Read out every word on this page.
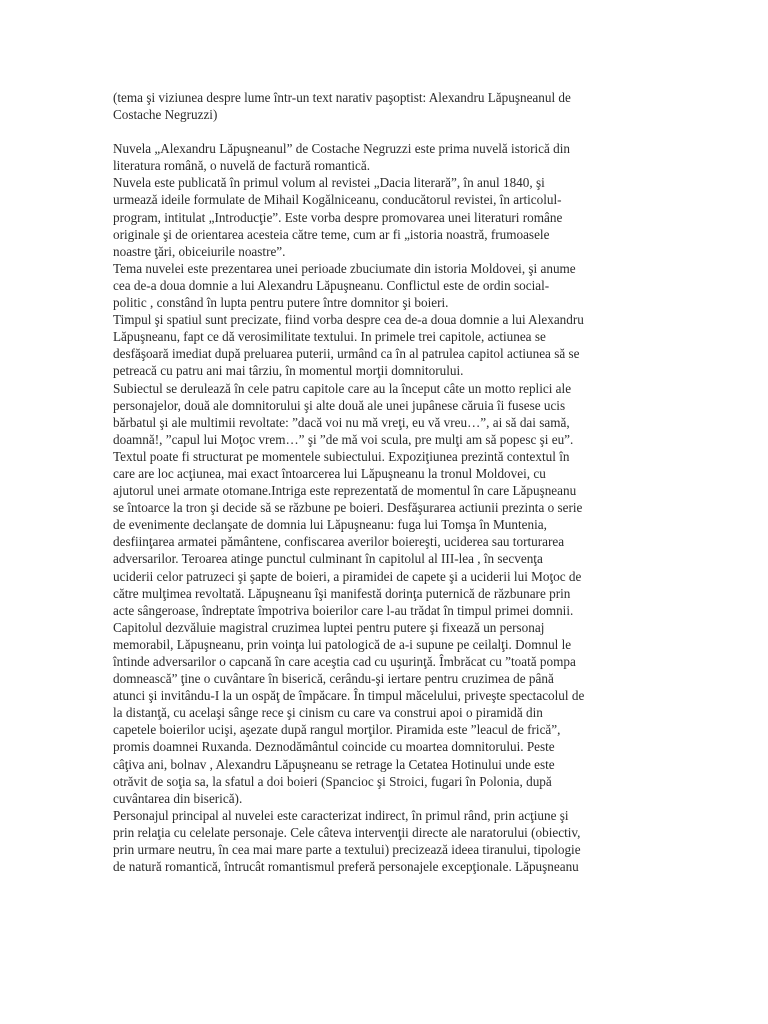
(tema şi viziunea despre lume într-un text narativ paşoptist: Alexandru Lăpuşneanul de
Costache Negruzzi)

Nuvela „Alexandru Lăpuşneanul” de Costache Negruzzi este prima nuvelă istorică din
literatura română, o nuvelă de factură romantică.

Nuvela este publicată în primul volum al revistei „Dacia literară”, în anul 1840, şi
urmează ideile formulate de Mihail Kogălniceanu, conducătorul revistei, în articolul-
program, intitulat „Introducţie”. Este vorba despre promovarea unei literaturi române
originale şi de orientarea acesteia către teme, cum ar fi „istoria noastră, frumoasele
noastre ţări, obiceiurile noastre”.

Tema nuvelei este prezentarea unei perioade zbuciumate din istoria Moldovei, şi anume
cea de-a doua domnie a lui Alexandru Lăpuşneanu. Conflictul este de ordin social-
politic , constând în lupta pentru putere între domnitor şi boieri.

Timpul şi spatiul sunt precizate, fiind vorba despre cea de-a doua domnie a lui Alexandru
Lăpuşneanu, fapt ce dă verosimilitate textului. In primele trei capitole, actiunea se
desfăşoară imediat după preluarea puterii, urmând ca în al patrulea capitol actiunea să se
petreacă cu patru ani mai târziu, în momentul morţii domnitorului.

Subiectul se derulează în cele patru capitole care au la început câte un motto replici ale
personajelor, două ale domnitorului şi alte două ale unei jupânese căruia îi fusese ucis
bărbatul şi ale multimii revoltate: ”dacă voi nu mă vreţi, eu vă vreu…”, ai să dai samă,
doamnă!, ”capul lui Moţoc vrem…” şi ”de mă voi scula, pre mulţi am să popesc şi eu”.

Textul poate fi structurat pe momentele subiectului. Expoziţiunea prezintă contextul în
care are loc acţiunea, mai exact întoarcerea lui Lăpuşneanu la tronul Moldovei, cu
ajutorul unei armate otomane.Intriga este reprezentată de momentul în care Lăpuşneanu
se întoarce la tron şi decide să se răzbune pe boieri. Desfăşurarea actiunii prezinta o serie
de evenimente declanşate de domnia lui Lăpuşneanu: fuga lui Tomşa în Muntenia,
desfiinţarea armatei pământene, confiscarea averilor boiereşti, uciderea sau torturarea
adversarilor. Teroarea atinge punctul culminant în capitolul al III-lea , în secvenţa
uciderii celor patruzeci şi şapte de boieri, a piramidei de capete şi a uciderii lui Moţoc de
către mulţimea revoltată. Lăpuşneanu îşi manifestă dorinţa puternică de răzbunare prin
acte sângeroase, îndreptate împotriva boierilor care l-au trădat în timpul primei domnii.
Capitolul dezvăluie magistral cruzimea luptei pentru putere şi fixează un personaj
memorabil, Lăpuşneanu, prin voinţa lui patologică de a-i supune pe ceilalţi. Domnul le
întinde adversarilor o capcană în care aceştia cad cu uşurinţă. Îmbrăcat cu ”toată pompa
domnească” ţine o cuvântare în biserică, cerându-şi iertare pentru cruzimea de până
atunci şi invitându-I la un ospăţ de împăcare. În timpul măcelului, priveşte spectacolul de
la distanţă, cu acelaşi sânge rece şi cinism cu care va construi apoi o piramidă din
capetele boierilor ucişi, aşezate după rangul morţilor. Piramida este ”leacul de frică”,
promis doamnei Ruxanda. Deznodământul coincide cu moartea domnitorului. Peste
câţiva ani, bolnav , Alexandru Lăpuşneanu se retrage la Cetatea Hotinului unde este
otrăvit de soţia sa, la sfatul a doi boieri (Spancioc şi Stroici, fugari în Polonia, după
cuvântarea din biserică).

Personajul principal al nuvelei este caracterizat indirect, în primul rând, prin acţiune şi
prin relaţia cu celelate personaje. Cele câteva intervenţii directe ale naratorului (obiectiv,
prin urmare neutru, în cea mai mare parte a textului) precizează ideea tiranului, tipologie
de natură romantică, întrucât romantismul preferă personajele excepţionale. Lăpuşneanu
